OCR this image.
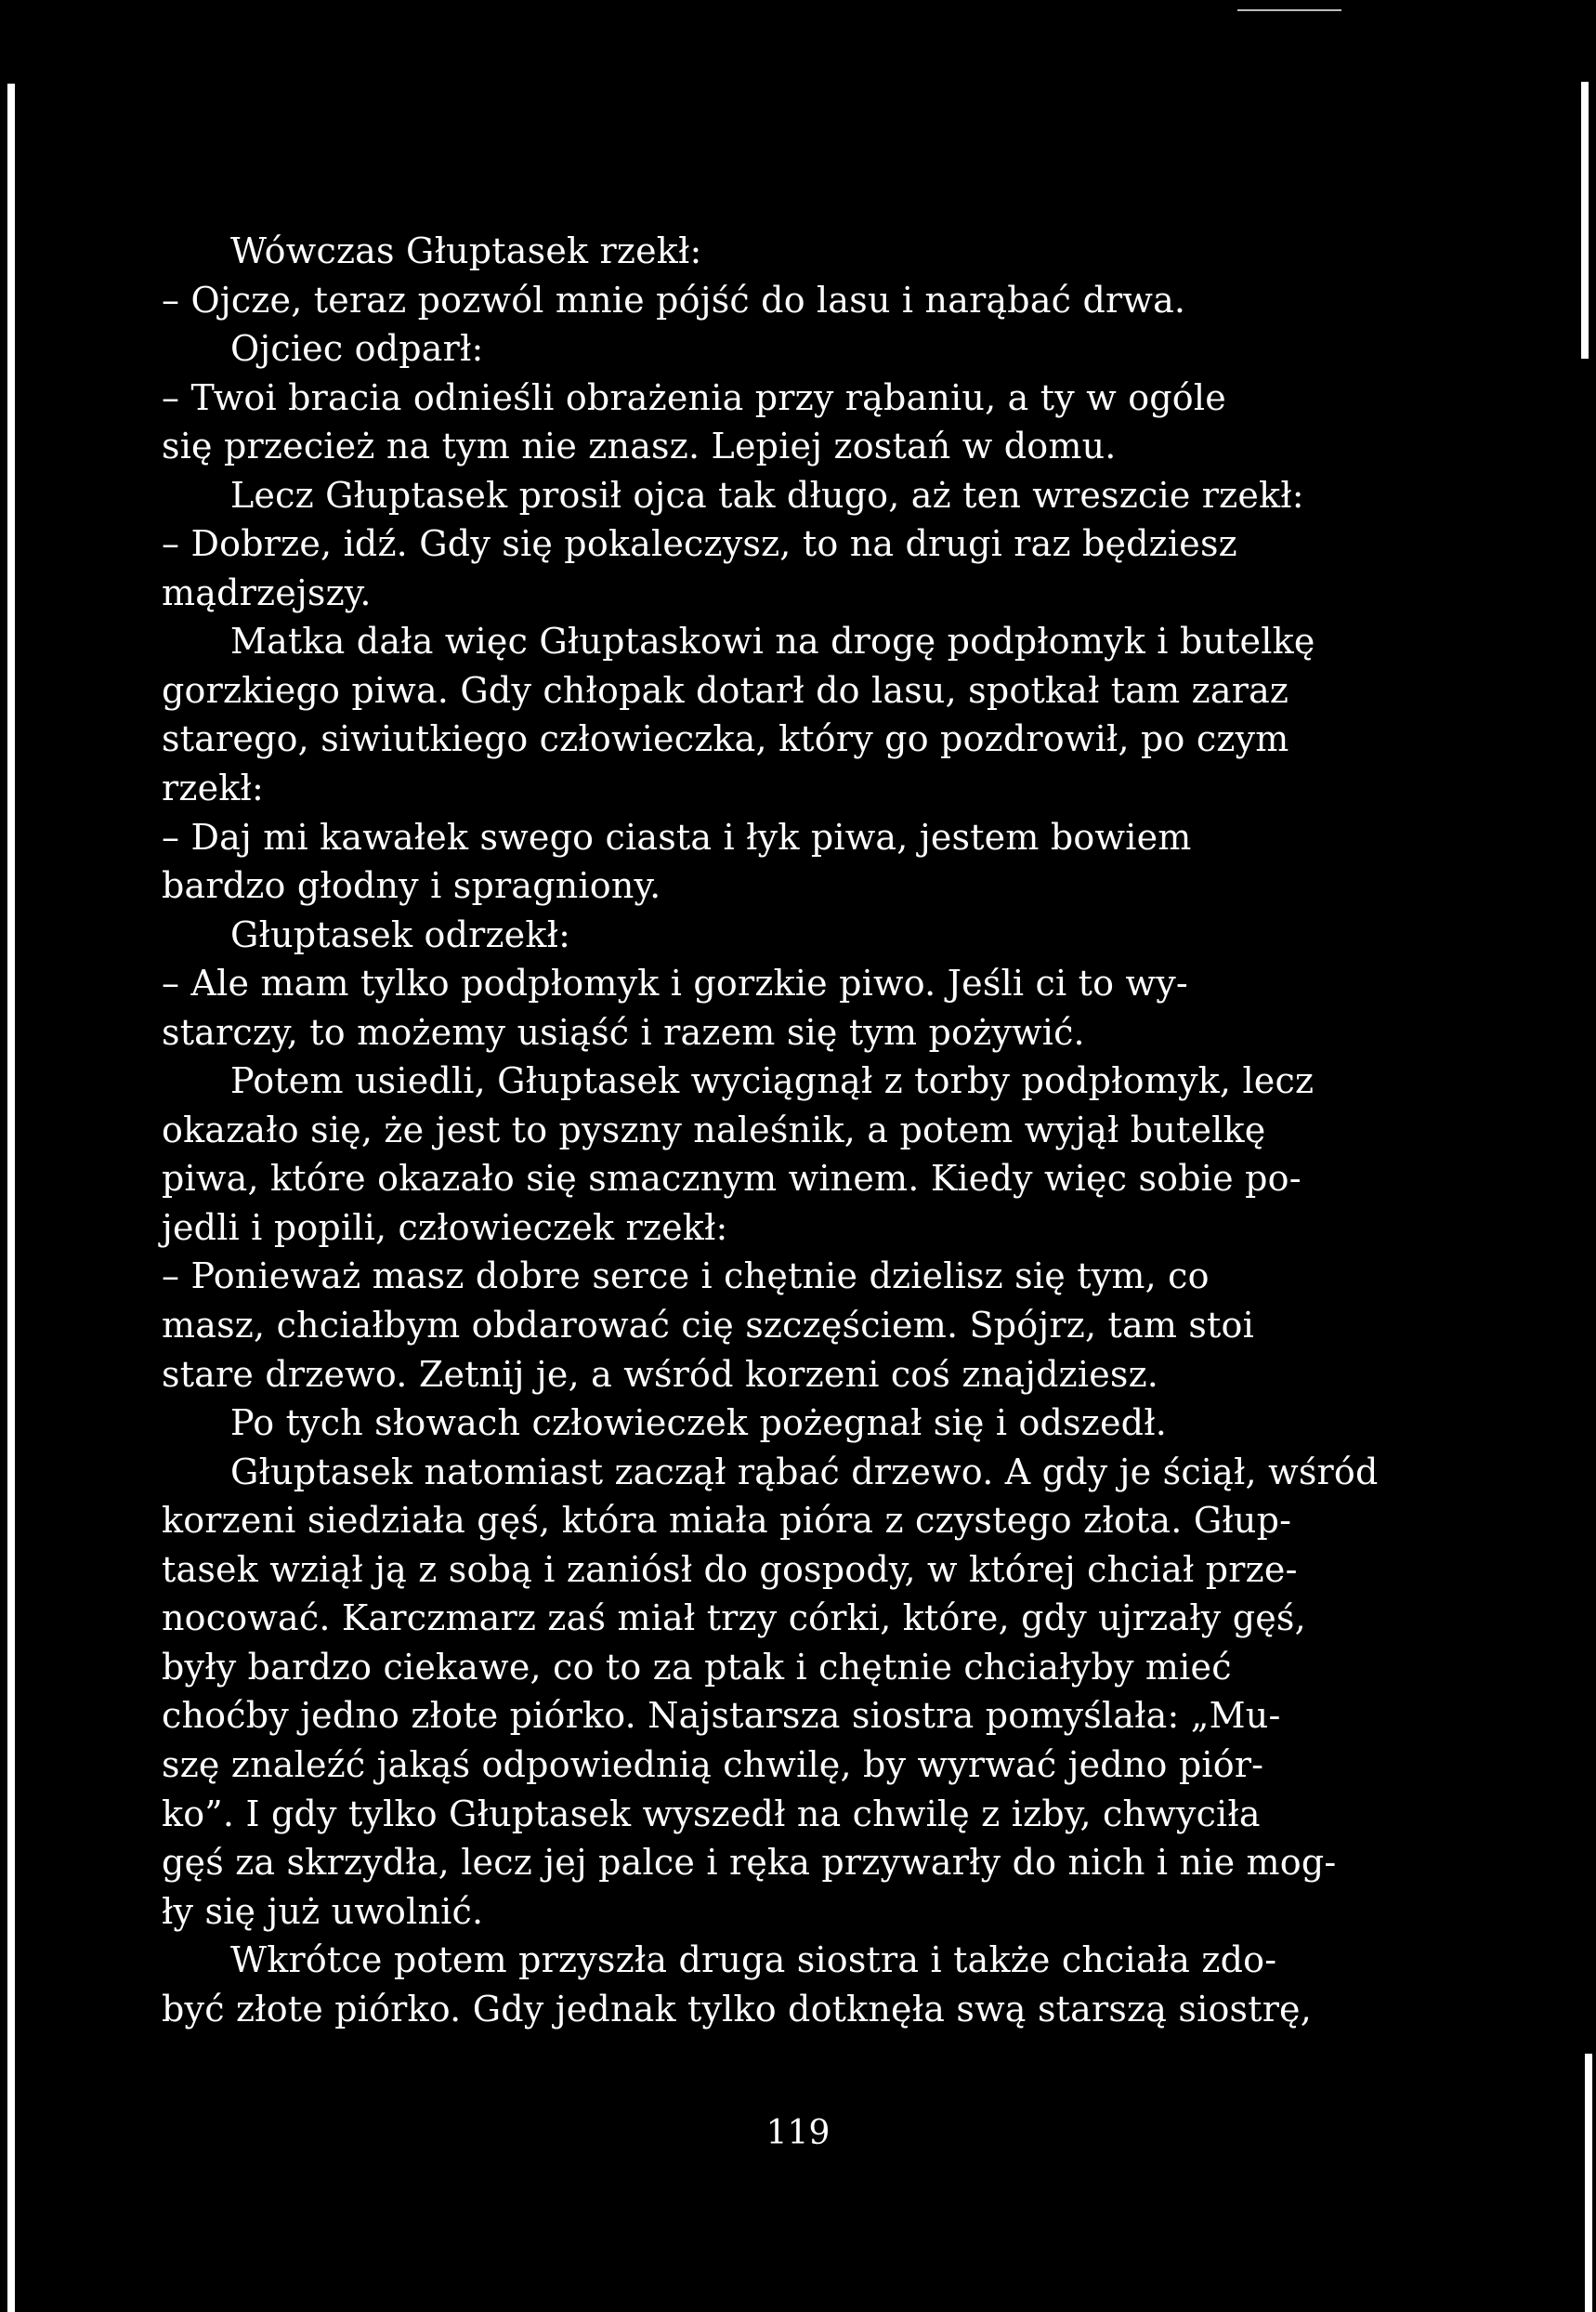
Wówczas Głuptasek rzekł:
– Ojcze, teraz pozwól mnie pójść do lasu i narąbać drwa.
Ojciec odparł:
– Twoi bracia odnieśli obrażenia przy rąbaniu, a ty w ogóle
się przecież na tym nie znasz. Lepiej zostań w domu.
Lecz Głuptasek prosił ojca tak długo, aż ten wreszcie rzekł:
– Dobrze, idź. Gdy się pokaleczysz, to na drugi raz będziesz
mądrzejszy.
Matka dała więc Głuptaskowi na drogę podpłomyk i butelkę
gorzkiego piwa. Gdy chłopak dotarł do lasu, spotkał tam zaraz
starego, siwiutkiego człowieczka, który go pozdrowił, po czym
rzekł:
– Daj mi kawałek swego ciasta i łyk piwa, jestem bowiem
bardzo głodny i spragniony.
Głuptasek odrzekł:
– Ale mam tylko podpłomyk i gorzkie piwo. Jeśli ci to wy-
starczy, to możemy usiąść i razem się tym pożywić.
Potem usiedli, Głuptasek wyciągnął z torby podpłomyk, lecz
okazało się, że jest to pyszny naleśnik, a potem wyjął butelkę
piwa, które okazało się smacznym winem. Kiedy więc sobie po-
jedli i popili, człowieczek rzekł:
– Ponieważ masz dobre serce i chętnie dzielisz się tym, co
masz, chciałbym obdarować cię szczęściem. Spójrz, tam stoi
stare drzewo. Zetnij je, a wśród korzeni coś znajdziesz.
Po tych słowach człowieczek pożegnał się i odszedł.
Głuptasek natomiast zaczął rąbać drzewo. A gdy je ściął, wśród
korzeni siedziała gęś, która miała pióra z czystego złota. Głup-
tasek wziął ją z sobą i zaniósł do gospody, w której chciał prze-
nocować. Karczmarz zaś miał trzy córki, które, gdy ujrzały gęś,
były bardzo ciekawe, co to za ptak i chętnie chciałyby mieć
choćby jedno złote piórko. Najstarsza siostra pomyślała: „Mu-
szę znaleźć jakąś odpowiednią chwilę, by wyrwać jedno piór-
ko”. I gdy tylko Głuptasek wyszedł na chwilę z izby, chwyciła
gęś za skrzydła, lecz jej palce i ręka przywarły do nich i nie mog-
ły się już uwolnić.
Wkrótce potem przyszła druga siostra i także chciała zdo-
być złote piórko. Gdy jednak tylko dotknęła swą starszą siostrę,
119
